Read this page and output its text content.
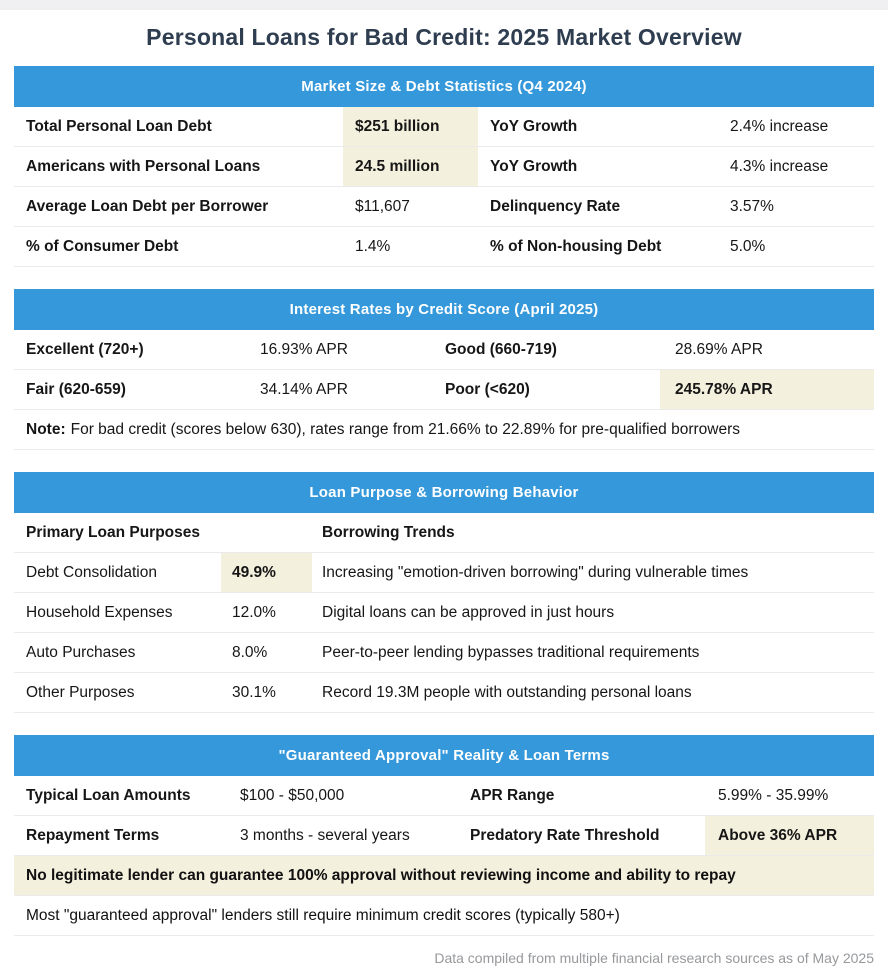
Personal Loans for Bad Credit: 2025 Market Overview
Market Size & Debt Statistics (Q4 2024)
Total Personal Loan Debt	$251 billion	YoY Growth	2.4% increase
Americans with Personal Loans	24.5 million	YoY Growth	4.3% increase
Average Loan Debt per Borrower	$11,607	Delinquency Rate	3.57%
% of Consumer Debt	1.4%	% of Non-housing Debt	5.0%
Interest Rates by Credit Score (April 2025)
Excellent (720+)	16.93% APR	Good (660-719)	28.69% APR
Fair (620-659)	34.14% APR	Poor (<620)	245.78% APR
Note: For bad credit (scores below 630), rates range from 21.66% to 22.89% for pre-qualified borrowers
Loan Purpose & Borrowing Behavior
Primary Loan Purposes	Borrowing Trends
Debt Consolidation	49.9%	Increasing "emotion-driven borrowing" during vulnerable times
Household Expenses	12.0%	Digital loans can be approved in just hours
Auto Purchases	8.0%	Peer-to-peer lending bypasses traditional requirements
Other Purposes	30.1%	Record 19.3M people with outstanding personal loans
"Guaranteed Approval" Reality & Loan Terms
Typical Loan Amounts	$100 - $50,000	APR Range	5.99% - 35.99%
Repayment Terms	3 months - several years	Predatory Rate Threshold	Above 36% APR
No legitimate lender can guarantee 100% approval without reviewing income and ability to repay
Most "guaranteed approval" lenders still require minimum credit scores (typically 580+)
Data compiled from multiple financial research sources as of May 2025
